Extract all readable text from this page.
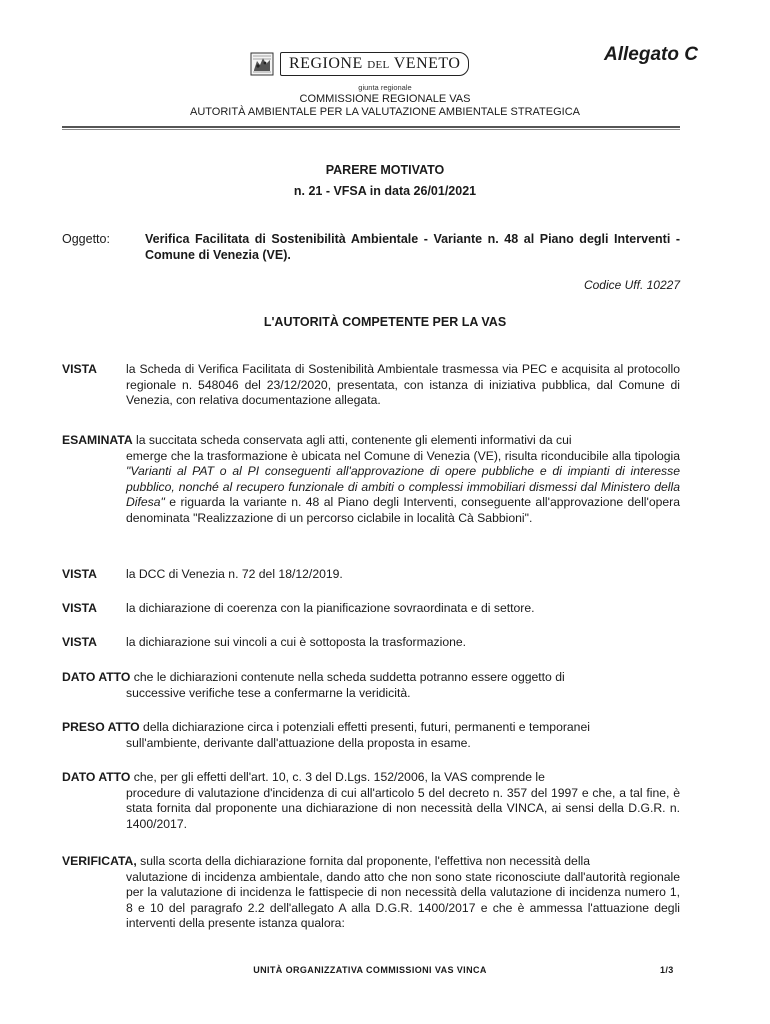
Allegato C
REGIONE DEL VENETO
giunta regionale
COMMISSIONE REGIONALE VAS
AUTORITÀ AMBIENTALE PER LA VALUTAZIONE AMBIENTALE STRATEGICA
PARERE MOTIVATO
n. 21 - VFSA in data 26/01/2021
Oggetto:	Verifica Facilitata di Sostenibilità Ambientale - Variante n. 48 al Piano degli Interventi - Comune di Venezia (VE).
Codice Uff. 10227
L'AUTORITÀ COMPETENTE PER LA VAS
VISTA la Scheda di Verifica Facilitata di Sostenibilità Ambientale trasmessa via PEC e acquisita al protocollo regionale n. 548046 del 23/12/2020, presentata, con istanza di iniziativa pubblica, dal Comune di Venezia, con relativa documentazione allegata.
ESAMINATA la succitata scheda conservata agli atti, contenente gli elementi informativi da cui
emerge che la trasformazione è ubicata nel Comune di Venezia (VE), risulta riconducibile alla tipologia "Varianti al PAT o al PI conseguenti all'approvazione di opere pubbliche e di impianti di interesse pubblico, nonché al recupero funzionale di ambiti o complessi immobiliari dismessi dal Ministero della Difesa" e riguarda la variante n. 48 al Piano degli Interventi, conseguente all'approvazione dell'opera denominata "Realizzazione di un percorso ciclabile in località Cà Sabbioni".
VISTA la DCC di Venezia n. 72 del 18/12/2019.
VISTA la dichiarazione di coerenza con la pianificazione sovraordinata e di settore.
VISTA la dichiarazione sui vincoli a cui è sottoposta la trasformazione.
DATO ATTO che le dichiarazioni contenute nella scheda suddetta potranno essere oggetto di
successive verifiche tese a confermarne la veridicità.
PRESO ATTO della dichiarazione circa i potenziali effetti presenti, futuri, permanenti e temporanei
sull'ambiente, derivante dall'attuazione della proposta in esame.
DATO ATTO che, per gli effetti dell'art. 10, c. 3 del D.Lgs. 152/2006, la VAS comprende le
procedure di valutazione d'incidenza di cui all'articolo 5 del decreto n. 357 del 1997 e che, a tal fine, è stata fornita dal proponente una dichiarazione di non necessità della VINCA, ai sensi della D.G.R. n. 1400/2017.
VERIFICATA, sulla scorta della dichiarazione fornita dal proponente, l'effettiva non necessità della
valutazione di incidenza ambientale, dando atto che non sono state riconosciute dall'autorità regionale per la valutazione di incidenza le fattispecie di non necessità della valutazione di incidenza numero 1, 8 e 10 del paragrafo 2.2 dell'allegato A alla D.G.R. 1400/2017 e che è ammessa l'attuazione degli interventi della presente istanza qualora:
UNITÀ ORGANIZZATIVA COMMISSIONI VAS VINCA	1/3
